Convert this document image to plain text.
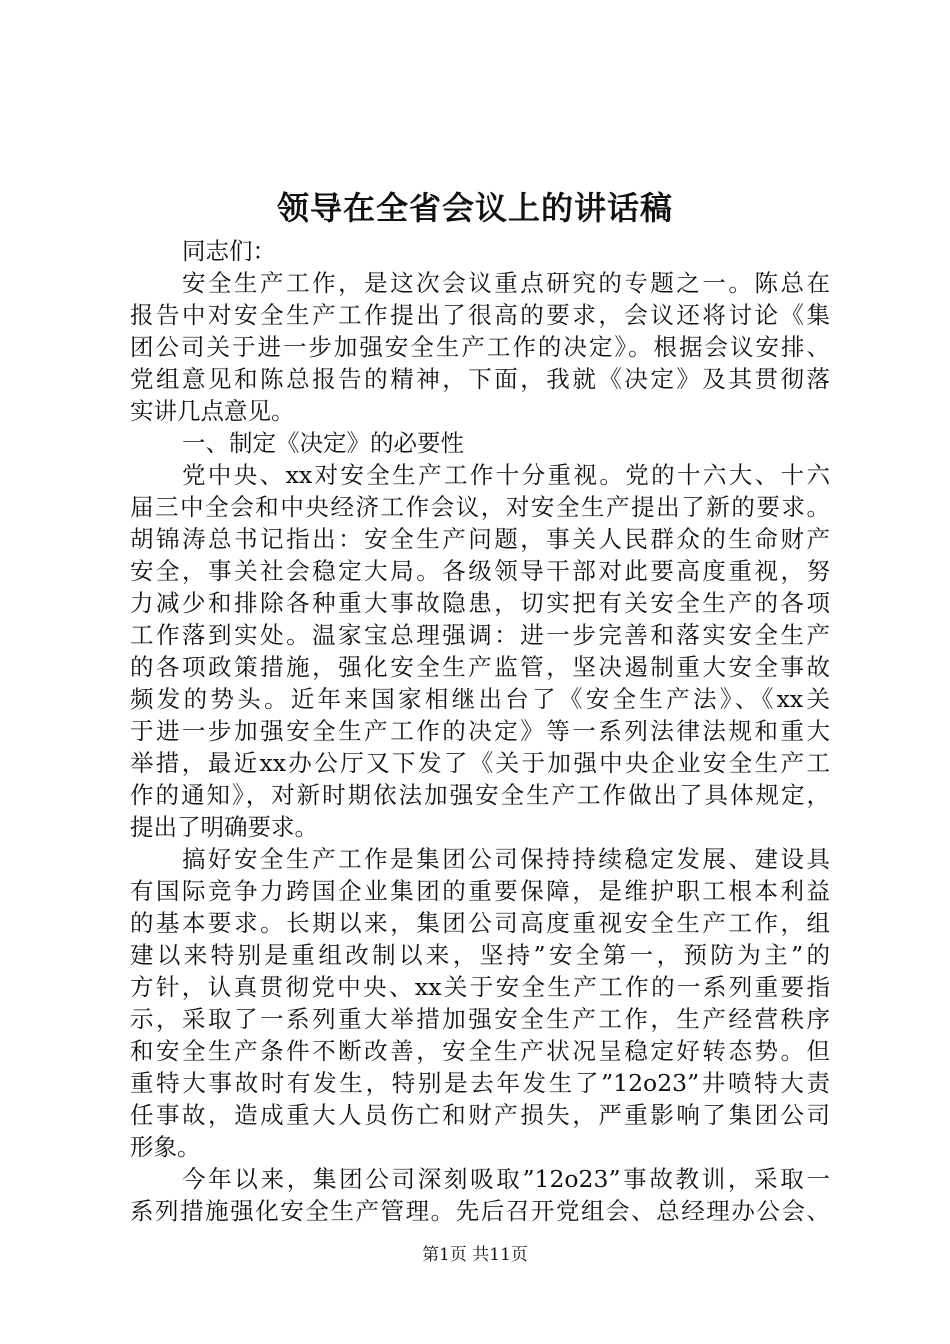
领导在全省会议上的讲话稿
同志们：
安全生产工作，是这次会议重点研究的专题之一。陈总在
报告中对安全生产工作提出了很高的要求，会议还将讨论《集
团公司关于进一步加强安全生产工作的决定》。根据会议安排、
党组意见和陈总报告的精神，下面，我就《决定》及其贯彻落
实讲几点意见。
一、制定《决定》的必要性
党中央、xx对安全生产工作十分重视。党的十六大、十六
届三中全会和中央经济工作会议，对安全生产提出了新的要求。
胡锦涛总书记指出：安全生产问题，事关人民群众的生命财产
安全，事关社会稳定大局。各级领导干部对此要高度重视，努
力减少和排除各种重大事故隐患，切实把有关安全生产的各项
工作落到实处。温家宝总理强调：进一步完善和落实安全生产
的各项政策措施，强化安全生产监管，坚决遏制重大安全事故
频发的势头。近年来国家相继出台了《安全生产法》、《xx关
于进一步加强安全生产工作的决定》等一系列法律法规和重大
举措，最近xx办公厅又下发了《关于加强中央企业安全生产工
作的通知》，对新时期依法加强安全生产工作做出了具体规定，
提出了明确要求。
搞好安全生产工作是集团公司保持持续稳定发展、建设具
有国际竞争力跨国企业集团的重要保障，是维护职工根本利益
的基本要求。长期以来，集团公司高度重视安全生产工作，组
建以来特别是重组改制以来，坚持”安全第一，预防为主”的
方针，认真贯彻党中央、xx关于安全生产工作的一系列重要指
示，采取了一系列重大举措加强安全生产工作，生产经营秩序
和安全生产条件不断改善，安全生产状况呈稳定好转态势。但
重特大事故时有发生，特别是去年发生了”12o23”井喷特大责
任事故，造成重大人员伤亡和财产损失，严重影响了集团公司
形象。
今年以来，集团公司深刻吸取”12o23”事故教训，采取一
系列措施强化安全生产管理。先后召开党组会、总经理办公会、
第1页 共11页
